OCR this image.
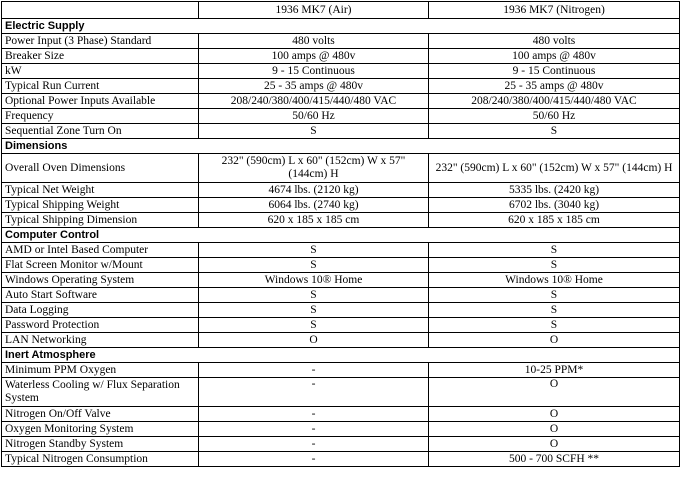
	1936 MK7 (Air)	1936 MK7 (Nitrogen)
Electric Supply		
Power Input (3 Phase) Standard	480 volts	480 volts
Breaker Size	100 amps @ 480v	100 amps @ 480v
kW	9 - 15 Continuous	9 - 15 Continuous
Typical Run Current	25 - 35 amps @ 480v	25 - 35 amps @ 480v
Optional Power Inputs Available	208/240/380/400/415/440/480 VAC	208/240/380/400/415/440/480 VAC
Frequency	50/60 Hz	50/60 Hz
Sequential Zone Turn On	S	S
Dimensions		
Overall Oven Dimensions	232" (590cm) L x 60" (152cm) W x 57" (144cm) H	232" (590cm) L x 60" (152cm) W x 57" (144cm) H
Typical Net Weight	4674 lbs. (2120 kg)	5335 lbs. (2420 kg)
Typical Shipping Weight	6064 lbs. (2740 kg)	6702 lbs. (3040 kg)
Typical Shipping Dimension	620 x 185 x 185 cm	620 x 185 x 185 cm
Computer Control		
AMD or Intel Based Computer	S	S
Flat Screen Monitor w/Mount	S	S
Windows Operating System	Windows 10® Home	Windows 10® Home
Auto Start Software	S	S
Data Logging	S	S
Password Protection	S	S
LAN Networking	O	O
Inert Atmosphere		
Minimum PPM Oxygen	-	10-25 PPM*
Waterless Cooling w/ Flux Separation System	-	O
Nitrogen On/Off Valve	-	O
Oxygen Monitoring System	-	O
Nitrogen Standby System	-	O
Typical Nitrogen Consumption	-	500 - 700 SCFH **
